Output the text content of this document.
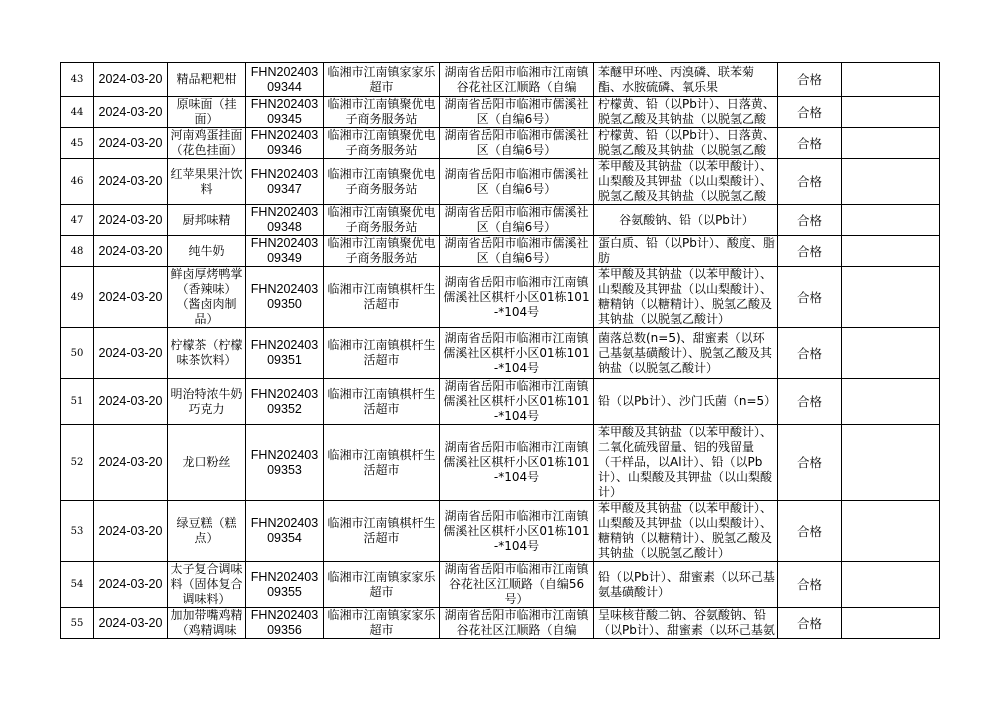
43	2024-03-20	精品粑粑柑	FHN20240309344	临湘市江南镇家家乐超市	湖南省岳阳市临湘市江南镇谷花社区江顺路（自编	苯醚甲环唑、丙溴磷、联苯菊酯、水胺硫磷、氧乐果	合格	
44	2024-03-20	原味面（挂面）	FHN20240309345	临湘市江南镇聚优电子商务服务站	湖南省岳阳市临湘市儒溪社区（自编6号）	柠檬黄、铅（以Pb计）、日落黄、脱氢乙酸及其钠盐（以脱氢乙酸	合格	
45	2024-03-20	河南鸡蛋挂面（花色挂面）	FHN20240309346	临湘市江南镇聚优电子商务服务站	湖南省岳阳市临湘市儒溪社区（自编6号）	柠檬黄、铅（以Pb计）、日落黄、脱氢乙酸及其钠盐（以脱氢乙酸	合格	
46	2024-03-20	红苹果果汁饮料	FHN20240309347	临湘市江南镇聚优电子商务服务站	湖南省岳阳市临湘市儒溪社区（自编6号）	苯甲酸及其钠盐（以苯甲酸计）、山梨酸及其钾盐（以山梨酸计）、脱氢乙酸及其钠盐（以脱氢乙酸	合格	
47	2024-03-20	厨邦味精	FHN20240309348	临湘市江南镇聚优电子商务服务站	湖南省岳阳市临湘市儒溪社区（自编6号）	谷氨酸钠、铅（以Pb计）	合格	
48	2024-03-20	纯牛奶	FHN20240309349	临湘市江南镇聚优电子商务服务站	湖南省岳阳市临湘市儒溪社区（自编6号）	蛋白质、铅（以Pb计）、酸度、脂肪	合格	
49	2024-03-20	鲜卤厚烤鸭掌（香辣味）（酱卤肉制品）	FHN20240309350	临湘市江南镇棋杆生活超市	湖南省岳阳市临湘市江南镇儒溪社区棋杆小区01栋101-*104号	苯甲酸及其钠盐（以苯甲酸计）、山梨酸及其钾盐（以山梨酸计）、糖精钠（以糖精计）、脱氢乙酸及其钠盐（以脱氢乙酸计）	合格	
50	2024-03-20	柠檬茶（柠檬味茶饮料）	FHN20240309351	临湘市江南镇棋杆生活超市	湖南省岳阳市临湘市江南镇儒溪社区棋杆小区01栋101-*104号	菌落总数(n=5)、甜蜜素（以环己基氨基磺酸计）、脱氢乙酸及其钠盐（以脱氢乙酸计）	合格	
51	2024-03-20	明治特浓牛奶巧克力	FHN20240309352	临湘市江南镇棋杆生活超市	湖南省岳阳市临湘市江南镇儒溪社区棋杆小区01栋101-*104号	铅（以Pb计）、沙门氏菌（n=5）	合格	
52	2024-03-20	龙口粉丝	FHN20240309353	临湘市江南镇棋杆生活超市	湖南省岳阳市临湘市江南镇儒溪社区棋杆小区01栋101-*104号	苯甲酸及其钠盐（以苯甲酸计）、二氧化硫残留量、铝的残留量（干样品，以Al计）、铅（以Pb计）、山梨酸及其钾盐（以山梨酸计）	合格	
53	2024-03-20	绿豆糕（糕点）	FHN20240309354	临湘市江南镇棋杆生活超市	湖南省岳阳市临湘市江南镇儒溪社区棋杆小区01栋101-*104号	苯甲酸及其钠盐（以苯甲酸计）、山梨酸及其钾盐（以山梨酸计）、糖精钠（以糖精计）、脱氢乙酸及其钠盐（以脱氢乙酸计）	合格	
54	2024-03-20	太子复合调味料（固体复合调味料）	FHN20240309355	临湘市江南镇家家乐超市	湖南省岳阳市临湘市江南镇谷花社区江顺路（自编56号）	铅（以Pb计）、甜蜜素（以环己基氨基磺酸计）	合格	
55	2024-03-20	加加带嘴鸡精（鸡精调味	FHN20240309356	临湘市江南镇家家乐超市	湖南省岳阳市临湘市江南镇谷花社区江顺路（自编	呈味核苷酸二钠、谷氨酸钠、铅（以Pb计）、甜蜜素（以环己基氨	合格	
